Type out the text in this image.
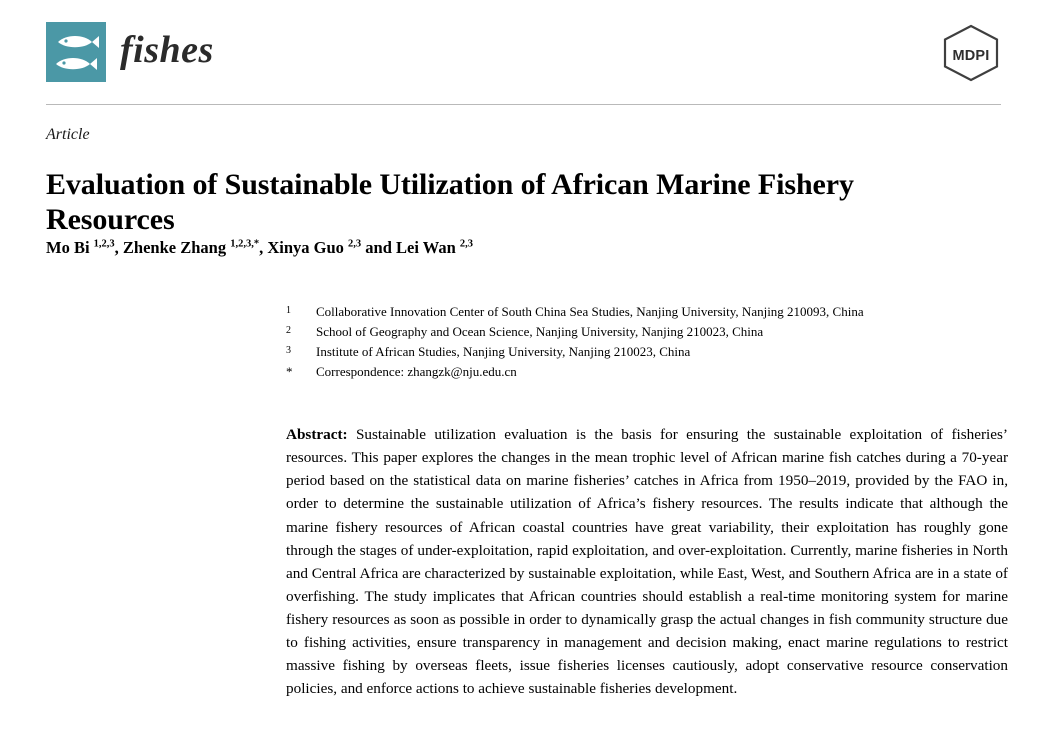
fishes	MDPI
Article
Evaluation of Sustainable Utilization of African Marine Fishery Resources
Mo Bi $^{1,2,3}$, Zhenke Zhang $^{1,2,3,*}$, Xinya Guo $^{2,3}$ and Lei Wan $^{2,3}$
1	Collaborative Innovation Center of South China Sea Studies, Nanjing University, Nanjing 210093, China
2	School of Geography and Ocean Science, Nanjing University, Nanjing 210023, China
3	Institute of African Studies, Nanjing University, Nanjing 210023, China
*	Correspondence: zhangzk@nju.edu.cn

Abstract: Sustainable utilization evaluation is the basis for ensuring the sustainable exploitation of fisheries’ resources. This paper explores the changes in the mean trophic level of African marine fish catches during a 70-year period based on the statistical data on marine fisheries’ catches in Africa from 1950–2019, provided by the FAO in, order to determine the sustainable utilization of Africa’s fishery resources. The results indicate that although the marine fishery resources of African coastal countries have great variability, their exploitation has roughly gone through the stages of under-exploitation, rapid exploitation, and over-exploitation. Currently, marine fisheries in North and Central Africa are characterized by sustainable exploitation, while East, West, and Southern Africa are in a state of overfishing. The study implicates that African countries should establish a real-time monitoring system for marine fishery resources as soon as possible in order to dynamically grasp the actual changes in fish community structure due to fishing activities, ensure transparency in management and decision making, enact marine regulations to restrict massive fishing by overseas fleets, issue fisheries licenses cautiously, adopt conservative resource conservation policies, and enforce actions to achieve sustainable fisheries development.
